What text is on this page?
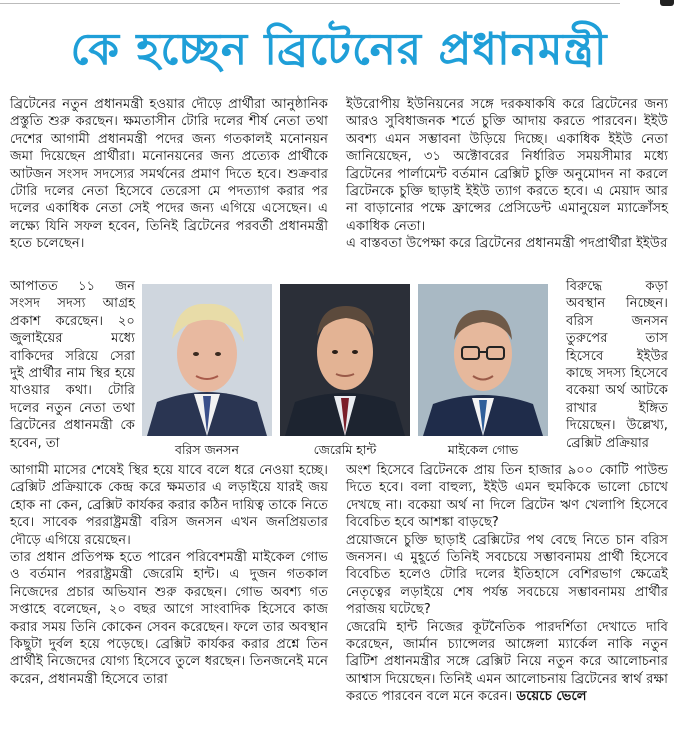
কে হচ্ছেন ব্রিটেনের প্রধানমন্ত্রী

ব্রিটেনের নতুন প্রধানমন্ত্রী হওয়ার দৌড়ে প্রার্থীরা আনুষ্ঠানিক প্রস্তুতি শুরু করছেন। ক্ষমতাসীন টোরি দলের শীর্ষ নেতা তথা দেশের আগামী প্রধানমন্ত্রী পদের জন্য গতকালই মনোনয়ন জমা দিয়েছেন প্রার্থীরা। মনোনয়নের জন্য প্রত্যেক প্রার্থীকে আটজন সংসদ সদস্যের সমর্থনের প্রমাণ দিতে হবে। শুক্রবার টোরি দলের নেতা হিসেবে তেরেসা মে পদত্যাগ করার পর দলের একাধিক নেতা সেই পদের জন্য এগিয়ে এসেছেন। এ লক্ষ্যে যিনি সফল হবেন, তিনিই ব্রিটেনের পরবর্তী প্রধানমন্ত্রী হতে চলেছেন।

আপাতত ১১ জন সংসদ সদস্য আগ্রহ প্রকাশ করেছেন। ২০ জুলাইয়ের মধ্যে বাকিদের সরিয়ে সেরা দুই প্রার্থীর নাম স্থির হয়ে যাওয়ার কথা। টোরি দলের নতুন নেতা তথা ব্রিটেনের প্রধানমন্ত্রী কে হবেন, তা

ইউরোপীয় ইউনিয়নের সঙ্গে দরকষাকষি করে ব্রিটেনের জন্য আরও সুবিধাজনক শর্তে চুক্তি আদায় করতে পারবেন। ইইউ অবশ্য এমন সম্ভাবনা উড়িয়ে দিচ্ছে। একাধিক ইইউ নেতা জানিয়েছেন, ৩১ অক্টোবরের নির্ধারিত সময়সীমার মধ্যে ব্রিটেনের পার্লামেন্ট বর্তমান ব্রেক্সিট চুক্তি অনুমোদন না করলে ব্রিটেনকে চুক্তি ছাড়াই ইইউ ত্যাগ করতে হবে। এ মেয়াদ আর না বাড়ানোর পক্ষে ফ্রান্সের প্রেসিডেন্ট এমানুয়েল ম্যাক্রোঁসহ একাধিক নেতা।

এ বাস্তবতা উপেক্ষা করে ব্রিটেনের প্রধানমন্ত্রী পদপ্রার্থীরা ইইউর

বিরুদ্ধে কড়া অবস্থান নিচ্ছেন। বরিস জনসন তুরুপের তাস হিসেবে ইইউর কাছে সদস্য হিসেবে বকেয়া অর্থ আটকে রাখার ইঙ্গিত দিয়েছেন। উল্লেখ্য, ব্রেক্সিট প্রক্রিয়ার
বরিস জনসন	জেরেমি হান্ট	মাইকেল গোভ

আগামী মাসের শেষেই স্থির হয়ে যাবে বলে ধরে নেওয়া হচ্ছে। ব্রেক্সিট প্রক্রিয়াকে কেন্দ্র করে ক্ষমতার এ লড়াইয়ে যারই জয় হোক না কেন, ব্রেক্সিট কার্যকর করার কঠিন দায়িত্ব তাকে নিতে হবে। সাবেক পররাষ্ট্রমন্ত্রী বরিস জনসন এখন জনপ্রিয়তার দৌড়ে এগিয়ে রয়েছেন।

তার প্রধান প্রতিপক্ষ হতে পারেন পরিবেশমন্ত্রী মাইকেল গোভ ও বর্তমান পররাষ্ট্রমন্ত্রী জেরেমি হান্ট। এ দুজন গতকাল নিজেদের প্রচার অভিযান শুরু করছেন। গোভ অবশ্য গত সপ্তাহে বলেছেন, ২০ বছর আগে সাংবাদিক হিসেবে কাজ করার সময় তিনি কোকেন সেবন করেছেন। ফলে তার অবস্থান কিছুটা দুর্বল হয়ে পড়েছে। ব্রেক্সিট কার্যকর করার প্রশ্নে তিন প্রার্থীই নিজেদের যোগ্য হিসেবে তুলে ধরছেন। তিনজনেই মনে করেন, প্রধানমন্ত্রী হিসেবে তারা

অংশ হিসেবে ব্রিটেনকে প্রায় তিন হাজার ৯০০ কোটি পাউন্ড দিতে হবে। বলা বাহুল্য, ইইউ এমন হুমকিকে ভালো চোখে দেখছে না। বকেয়া অর্থ না দিলে ব্রিটেন ঋণ খেলাপি হিসেবে বিবেচিত হবে আশঙ্কা বাড়ছে?

প্রয়োজনে চুক্তি ছাড়াই ব্রেক্সিটের পথ বেছে নিতে চান বরিস জনসন। এ মুহূর্তে তিনিই সবচেয়ে সম্ভাবনাময় প্রার্থী হিসেবে বিবেচিত হলেও টোরি দলের ইতিহাসে বেশিরভাগ ক্ষেত্রেই নেতৃত্বের লড়াইয়ে শেষ পর্যন্ত সবচেয়ে সম্ভাবনাময় প্রার্থীর পরাজয় ঘটেছে?

জেরেমি হান্ট নিজের কূটনৈতিক পারদর্শিতা দেখাতে দাবি করেছেন, জার্মান চ্যান্সেলর আঙ্গেলা ম্যার্কেল নাকি নতুন ব্রিটিশ প্রধানমন্ত্রীর সঙ্গে ব্রেক্সিট নিয়ে নতুন করে আলোচনার আশ্বাস দিয়েছেন। তিনিই এমন আলোচনায় ব্রিটেনের স্বার্থ রক্ষা করতে পারবেন বলে মনে করেন। ডয়েচে ভেলে
